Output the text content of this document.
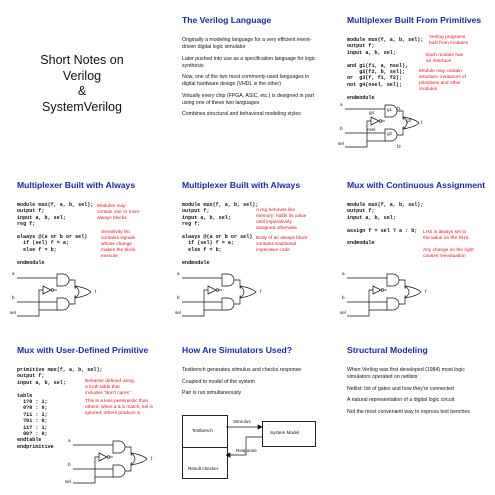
Short Notes on
Verilog
&
SystemVerilog
The Verilog Language

Originally a modeling language for a very efficient event-driven digital logic simulator

Later pushed into use as a specification language for logic synthesis

Now, one of the two most commonly-used languages in digital hardware design (VHDL is the other)

Virtually every chip (FPGA, ASIC, etc.) is designed in part using one of these two languages

Combines structural and behavioral modeling styles

Multiplexer Built From Primitives
module mux(f, a, b, sel);
output f;
input a, b, sel;

and g1(f1, a, nsel),
g2(f2, b, sel);
or  g3(f, f1, f2);
not g4(nsel, sel);

endmodule
Verilog programs
built from modules
Each module has
an interface
Module may contain
structure: instances of
primitives and other
modules
a
b
sel
g1
g2
g3
g4
nsel
f1
f2
f
Multiplexer Built with Always
module mux(f, a, b, sel);
output f;
input a, b, sel;
reg f;

always @(a or b or sel)
if (sel) f = a;
else f = b;

endmodule
Modules may
contain one or more
always blocks
Sensitivity list
contains signals
whose change
makes the block
execute
a
b
sel
f
Multiplexer Built with Always
module mux(f, a, b, sel);
output f;
input a, b, sel;
reg f;

always @(a or b or sel)
if (sel) f = a;
else f = b;

endmodule
A reg behaves like
memory: holds its value
until imperatively
assigned otherwise
Body of an always block
contains traditional
imperative code
a
b
sel
f
Mux with Continuous Assignment
module mux(f, a, b, sel);
output f;
input a, b, sel;

assign f = sel ? a : b;

endmodule
LHS is always set to
the value on the RHS
Any change on the right
causes reevaluation
a
b
sel
f
Mux with User-Defined Primitive
primitive mux(f, a, b, sel);
output f;
input a, b, sel;

table
1?0 : 1;
0?0 : 0;
?11 : 1;
?01 : 0;
11? : 1;
00? : 0;
endtable
endprimitive
Behavior defined using
a truth table that
includes "don't cares"
This is a less pessimistic than
others: when a & b match, sel is
ignored; others produce X
a
b
sel
f
How Are Simulators Used?

Testbench generates stimulus and checks response

Coupled to model of the system

Pair is run simultaneously

Testbench
Result checker
System Model
Stimulus
Response
Structural Modeling

When Verilog was first developed (1984) most logic simulators operated on netlists

Netlist: list of gates and how they're connected

A natural representation of a digital logic circuit

Not the most convenient way to express test benches
